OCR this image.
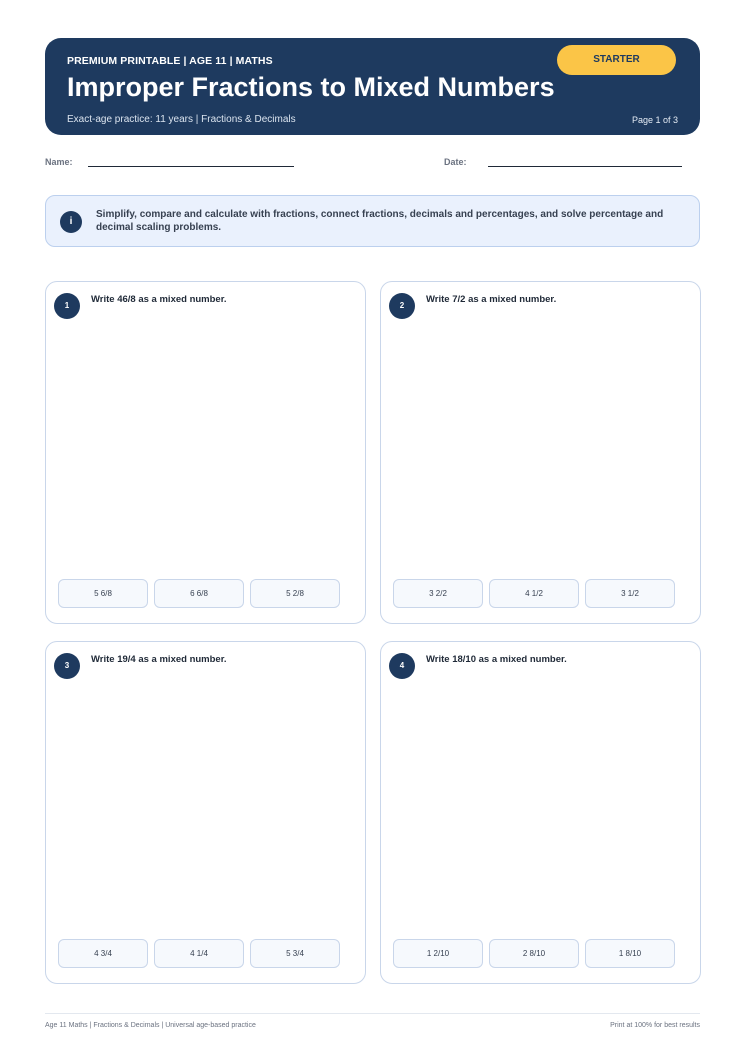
PREMIUM PRINTABLE | AGE 11 | MATHS
Improper Fractions to Mixed Numbers
Exact-age practice: 11 years | Fractions & Decimals
STARTER
Page 1 of 3
Name:	Date:
i
Simplify, compare and calculate with fractions, connect fractions, decimals and percentages, and solve percentage and decimal scaling problems.
1
Write 46/8 as a mixed number.
5 6/8	6 6/8	5 2/8
2
Write 7/2 as a mixed number.
3 2/2	4 1/2	3 1/2
3
Write 19/4 as a mixed number.
4 3/4	4 1/4	5 3/4
4
Write 18/10 as a mixed number.
1 2/10	2 8/10	1 8/10
Age 11 Maths | Fractions & Decimals | Universal age-based practice	Print at 100% for best results
